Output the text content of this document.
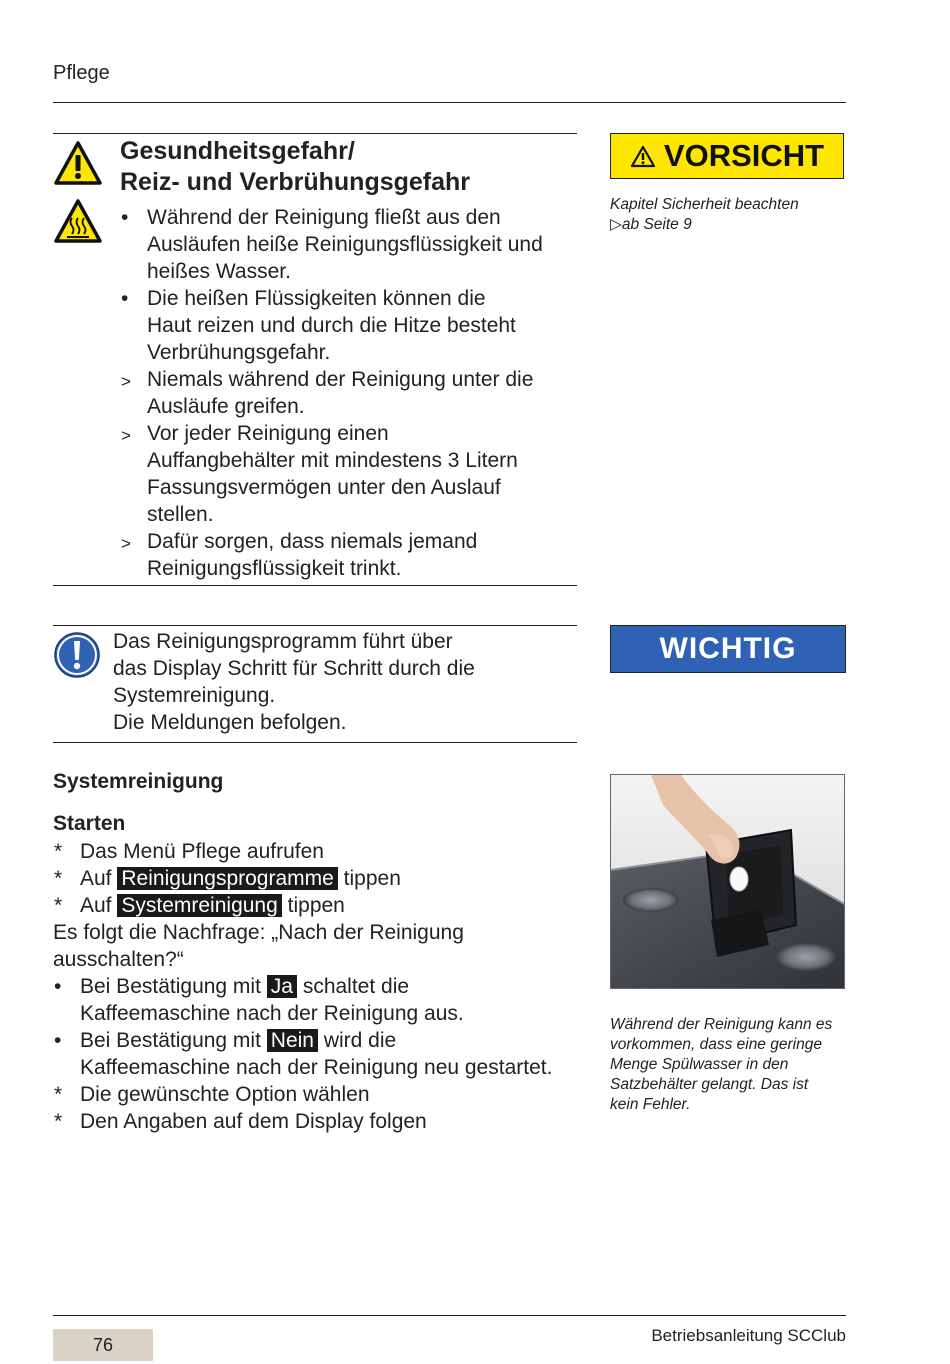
Pflege
Gesundheitsgefahr/
Reiz- und Verbrühungsgefahr
• Während der Reinigung fließt aus den
Ausläufen heiße Reinigungsflüssigkeit und
heißes Wasser.
• Die heißen Flüssigkeiten können die
Haut reizen und durch die Hitze besteht
Verbrühungsgefahr.
> Niemals während der Reinigung unter die
Ausläufe greifen.
> Vor jeder Reinigung einen
Auffangbehälter mit mindestens 3 Litern
Fassungsvermögen unter den Auslauf
stellen.
> Dafür sorgen, dass niemals jemand
Reinigungsflüssigkeit trinkt.
VORSICHT
Kapitel Sicherheit beachten
▷ab Seite 9
Das Reinigungsprogramm führt über
das Display Schritt für Schritt durch die
Systemreinigung.
Die Meldungen befolgen.
WICHTIG
Systemreinigung
Starten
* Das Menü Pflege aufrufen
* Auf Reinigungsprogramme tippen
* Auf Systemreinigung tippen
Es folgt die Nachfrage: „Nach der Reinigung
ausschalten?“
• Bei Bestätigung mit Ja schaltet die
Kaffeemaschine nach der Reinigung aus.
• Bei Bestätigung mit Nein wird die
Kaffeemaschine nach der Reinigung neu gestartet.
* Die gewünschte Option wählen
* Den Angaben auf dem Display folgen
Während der Reinigung kann es
vorkommen, dass eine geringe
Menge Spülwasser in den
Satzbehälter gelangt. Das ist
kein Fehler.
76	Betriebsanleitung SCClub
